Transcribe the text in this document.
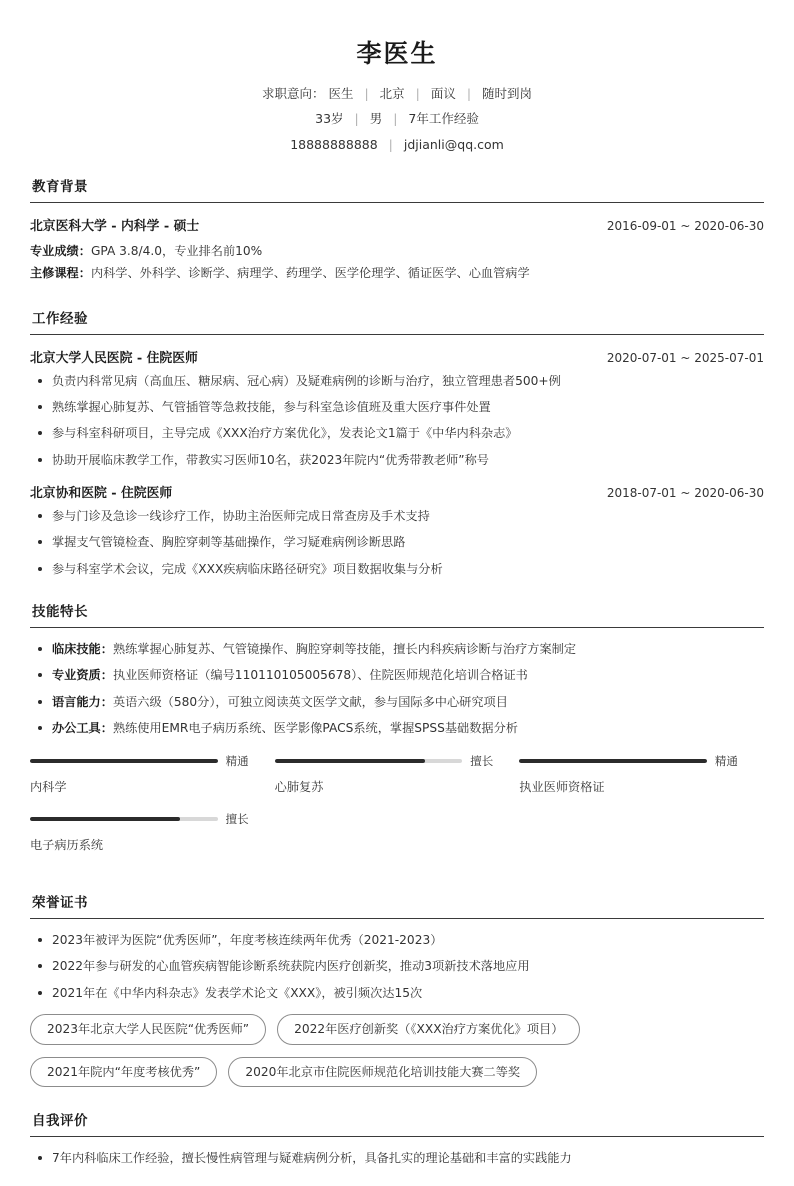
李医生
求职意向： 医生 | 北京 | 面议 | 随时到岗
33岁 | 男 | 7年工作经验
18888888888 | jdjianli@qq.com
教育背景
北京医科大学 - 内科学 - 硕士	2016-09-01 ~ 2020-06-30
专业成绩：GPA 3.8/4.0，专业排名前10%
主修课程：内科学、外科学、诊断学、病理学、药理学、医学伦理学、循证医学、心血管病学
工作经验
北京大学人民医院 - 住院医师	2020-07-01 ~ 2025-07-01
负责内科常见病（高血压、糖尿病、冠心病）及疑难病例的诊断与治疗，独立管理患者500+例
熟练掌握心肺复苏、气管插管等急救技能，参与科室急诊值班及重大医疗事件处置
参与科室科研项目，主导完成《XXX治疗方案优化》，发表论文1篇于《中华内科杂志》
协助开展临床教学工作，带教实习医师10名，获2023年院内“优秀带教老师”称号
北京协和医院 - 住院医师	2018-07-01 ~ 2020-06-30
参与门诊及急诊一线诊疗工作，协助主治医师完成日常查房及手术支持
掌握支气管镜检查、胸腔穿刺等基础操作，学习疑难病例诊断思路
参与科室学术会议，完成《XXX疾病临床路径研究》项目数据收集与分析
技能特长
临床技能：熟练掌握心肺复苏、气管镜操作、胸腔穿刺等技能，擅长内科疾病诊断与治疗方案制定
专业资质：执业医师资格证（编号110110105005678）、住院医师规范化培训合格证书
语言能力：英语六级（580分），可独立阅读英文医学文献，参与国际多中心研究项目
办公工具：熟练使用EMR电子病历系统、医学影像PACS系统，掌握SPSS基础数据分析
精通
内科学
擅长
心肺复苏
精通
执业医师资格证
擅长
电子病历系统
荣誉证书
2023年被评为医院“优秀医师”，年度考核连续两年优秀（2021-2023）
2022年参与研发的心血管疾病智能诊断系统获院内医疗创新奖，推动3项新技术落地应用
2021年在《中华内科杂志》发表学术论文《XXX》，被引频次达15次
2023年北京大学人民医院“优秀医师”	2022年医疗创新奖（《XXX治疗方案优化》项目）
2021年院内“年度考核优秀”	2020年北京市住院医师规范化培训技能大赛二等奖
自我评价
7年内科临床工作经验，擅长慢性病管理与疑难病例分析，具备扎实的理论基础和丰富的实践能力
